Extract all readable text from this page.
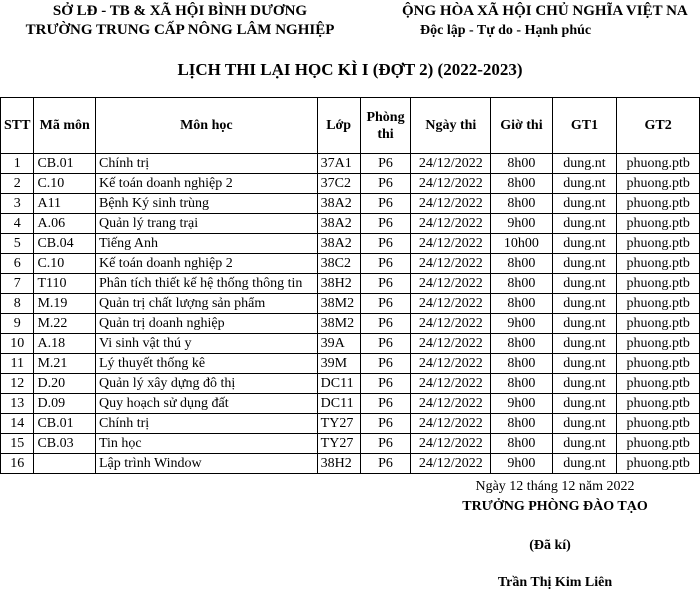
SỞ LĐ - TB & XÃ HỘI BÌNH DƯƠNG
TRƯỜNG TRUNG CẤP NÔNG LÂM NGHIỆP
ỘNG HÒA XÃ HỘI CHỦ NGHĨA VIỆT NA
Độc lập - Tự do - Hạnh phúc
LỊCH THI LẠI HỌC KÌ I (ĐỢT 2) (2022-2023)
STT	Mã môn	Môn học	Lớp	Phòng thi	Ngày thi	Giờ thi	GT1	GT2
1	CB.01	Chính trị	37A1	P6	24/12/2022	8h00	dung.nt	phuong.ptb
2	C.10	Kế toán doanh nghiệp 2	37C2	P6	24/12/2022	8h00	dung.nt	phuong.ptb
3	A11	Bệnh Ký sinh trùng	38A2	P6	24/12/2022	8h00	dung.nt	phuong.ptb
4	A.06	Quản lý trang trại	38A2	P6	24/12/2022	9h00	dung.nt	phuong.ptb
5	CB.04	Tiếng Anh	38A2	P6	24/12/2022	10h00	dung.nt	phuong.ptb
6	C.10	Kế toán doanh nghiệp 2	38C2	P6	24/12/2022	8h00	dung.nt	phuong.ptb
7	T110	Phân tích thiết kế hệ thống thông tin	38H2	P6	24/12/2022	8h00	dung.nt	phuong.ptb
8	M.19	Quản trị chất lượng sản phẩm	38M2	P6	24/12/2022	8h00	dung.nt	phuong.ptb
9	M.22	Quản trị doanh nghiệp	38M2	P6	24/12/2022	9h00	dung.nt	phuong.ptb
10	A.18	Vi sinh vật thú y	39A	P6	24/12/2022	8h00	dung.nt	phuong.ptb
11	M.21	Lý thuyết thống kê	39M	P6	24/12/2022	8h00	dung.nt	phuong.ptb
12	D.20	Quản lý xây dựng đô thị	DC11	P6	24/12/2022	8h00	dung.nt	phuong.ptb
13	D.09	Quy hoạch sử dụng đất	DC11	P6	24/12/2022	9h00	dung.nt	phuong.ptb
14	CB.01	Chính trị	TY27	P6	24/12/2022	8h00	dung.nt	phuong.ptb
15	CB.03	Tin học	TY27	P6	24/12/2022	8h00	dung.nt	phuong.ptb
16		Lập trình Window	38H2	P6	24/12/2022	9h00	dung.nt	phuong.ptb
Ngày 12 tháng 12 năm 2022
TRƯỞNG PHÒNG ĐÀO TẠO
(Đã kí)
Trần Thị Kim Liên
